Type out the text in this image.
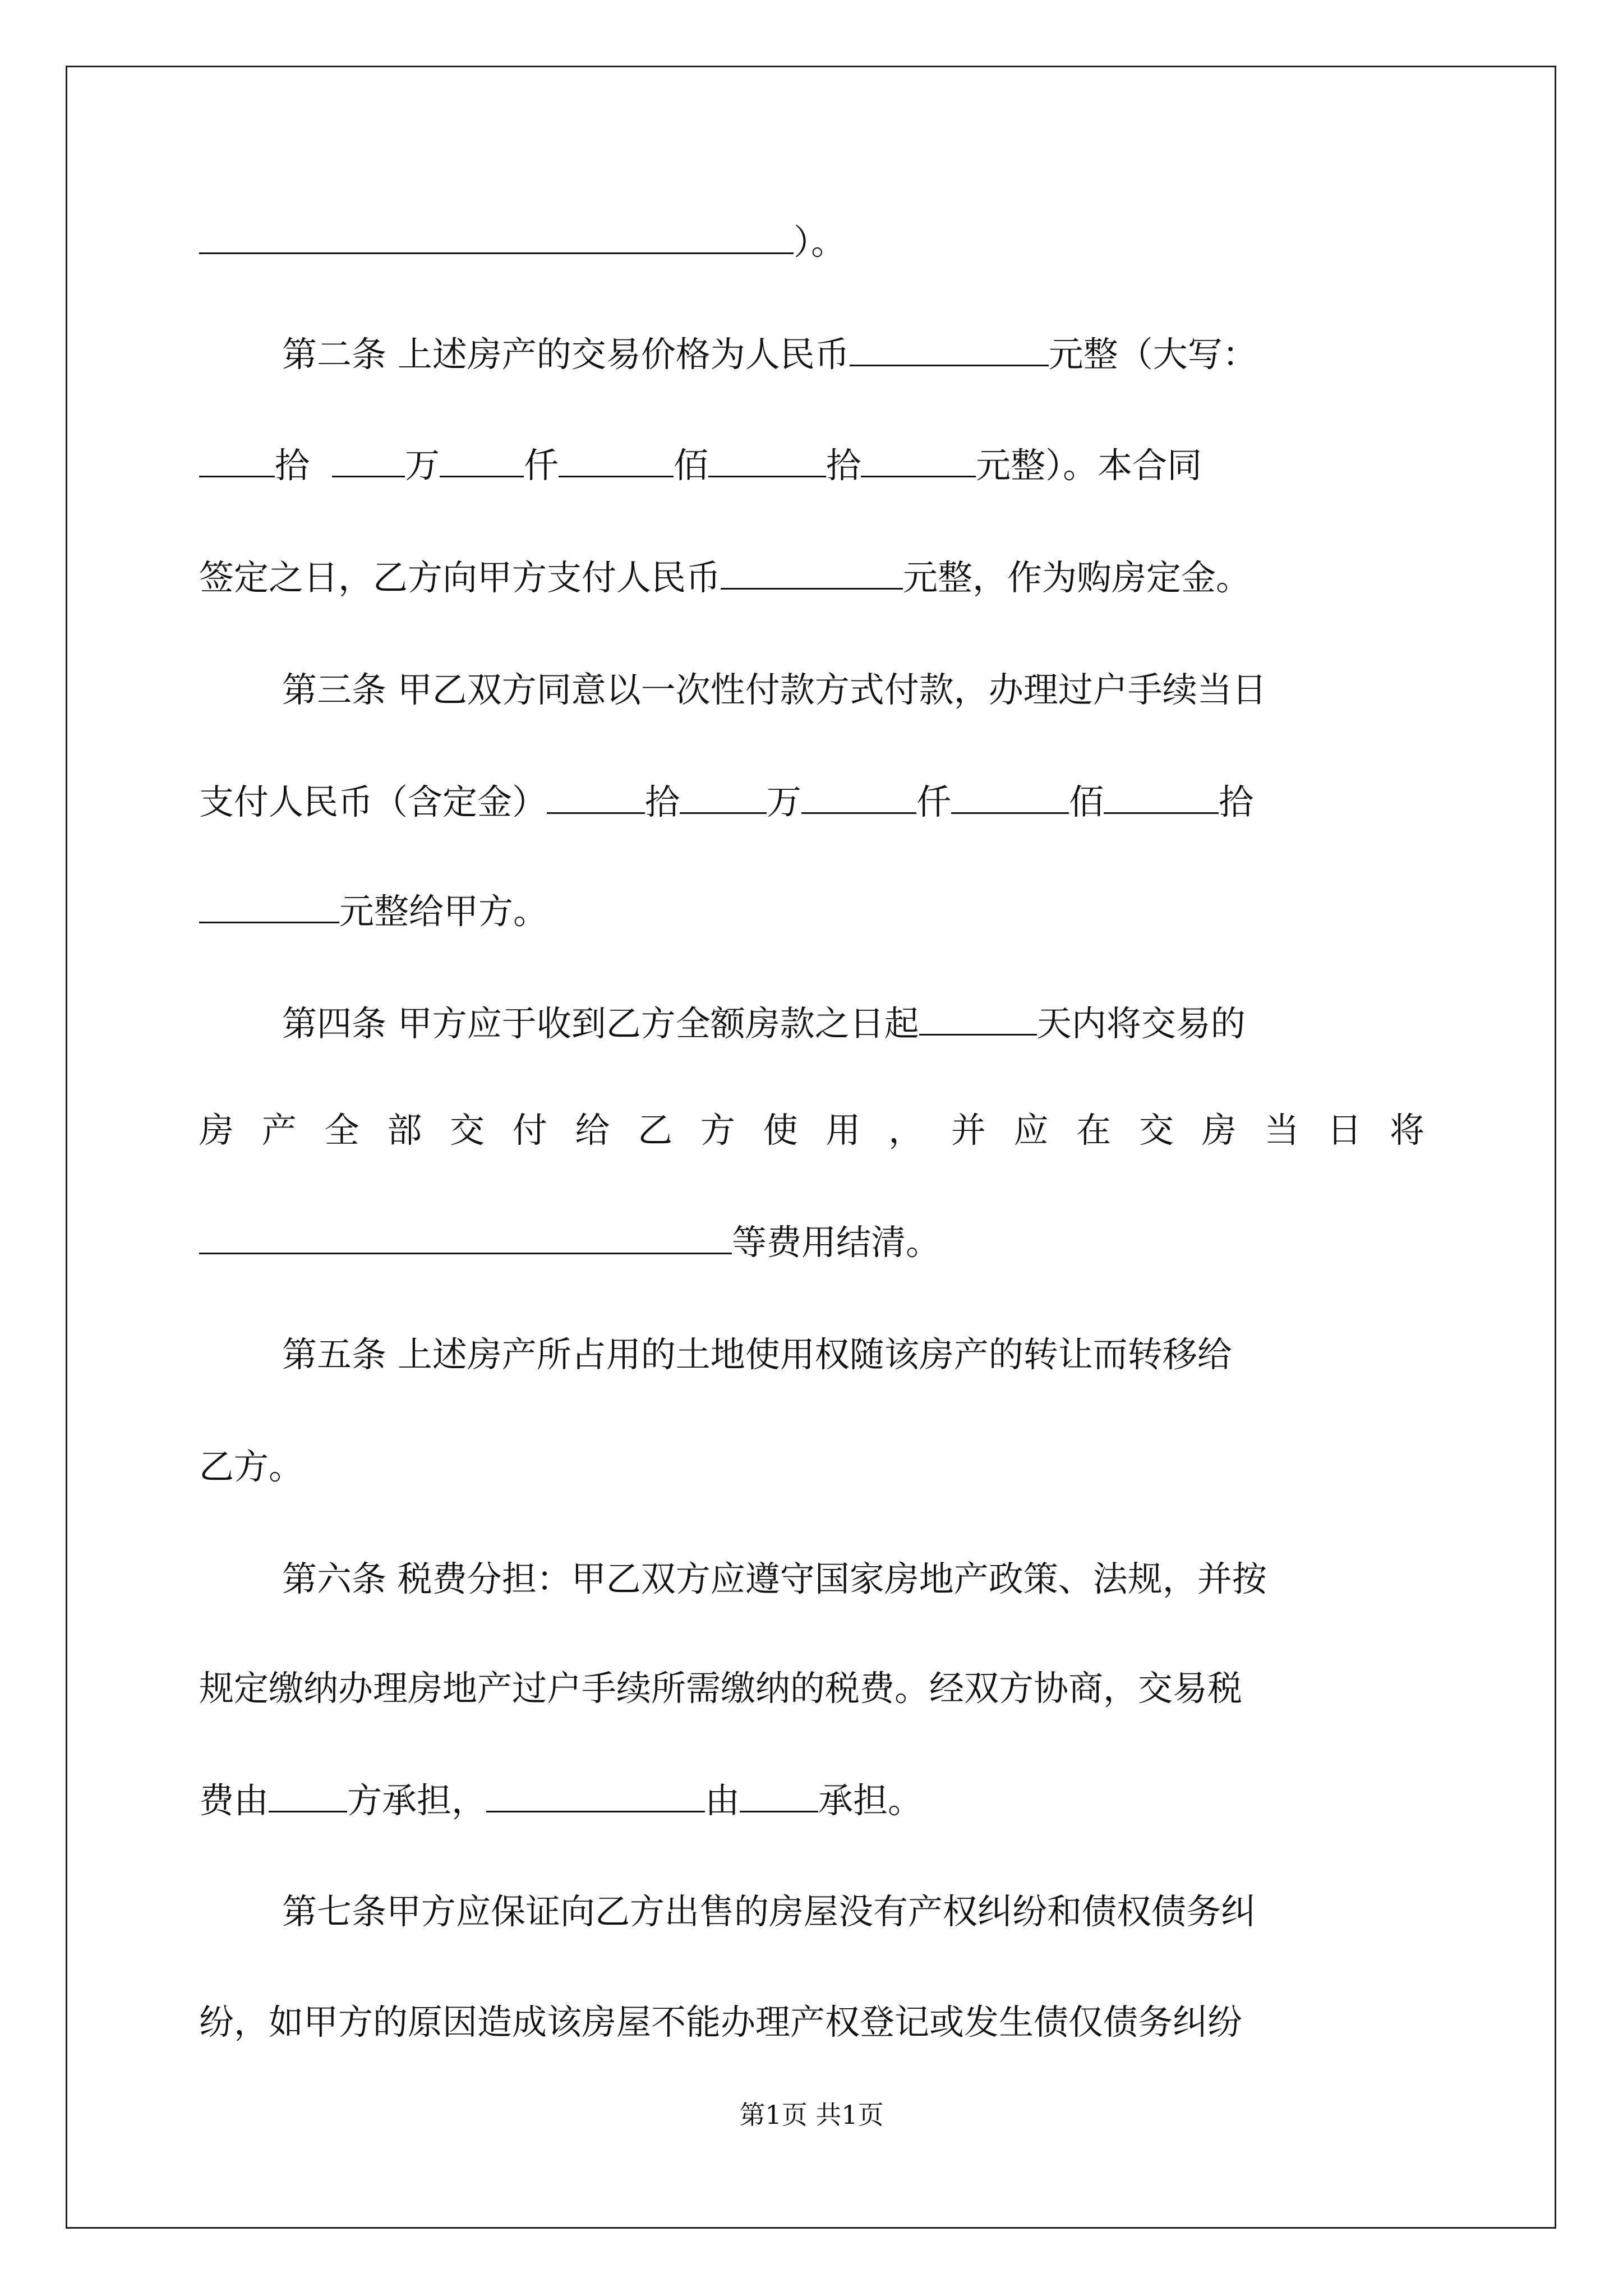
）。
第二条 上述房产的交易价格为人民币	元整（大写：
拾	万 仟	佰	拾	元整）。本合同
签定之日，乙方向甲方支付人民币	元整，作为购房定金。
第三条 甲乙双方同意以一次性付款方式付款，办理过户手续当日
支付人民币（含定金）	拾	万	仟	佰	拾
元整给甲方。
第四条 甲方应于收到乙方全额房款之日起	天内将交易的
房 产 全 部 交 付 给 乙 方 使 用 ， 并 应 在 交 房 当 日 将
等费用结清。
第五条 上述房产所占用的土地使用权随该房产的转让而转移给
乙方。
第六条 税费分担：甲乙双方应遵守国家房地产政策、法规，并按
规定缴纳办理房地产过户手续所需缴纳的税费。经双方协商，交易税
费由 方承担，	由 承担。
第七条甲方应保证向乙方出售的房屋没有产权纠纷和债权债务纠
纷，如甲方的原因造成该房屋不能办理产权登记或发生债仅债务纠纷
第1页 共1页
